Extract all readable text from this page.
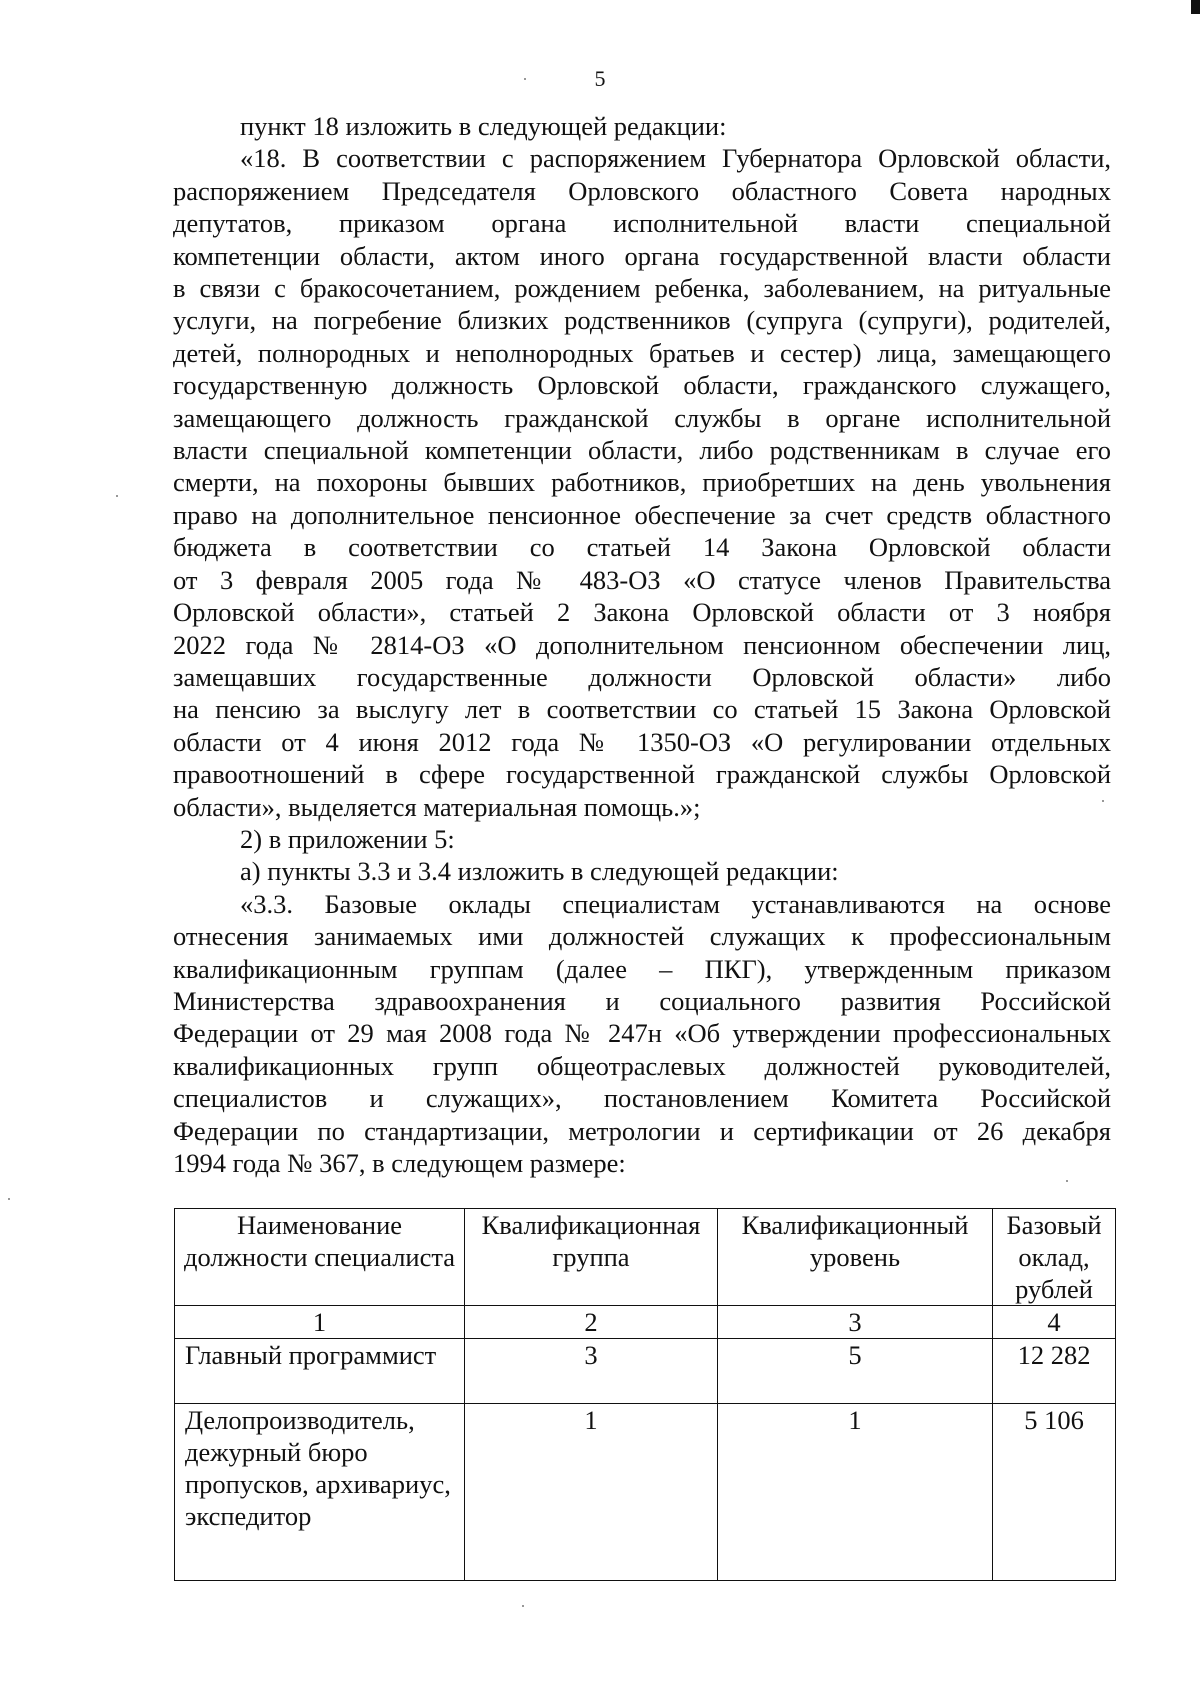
5
пункт 18 изложить в следующей редакции:
«18. В соответствии с распоряжением Губернатора Орловской области,
распоряжением Председателя Орловского областного Совета народных
депутатов, приказом органа исполнительной власти специальной
компетенции области, актом иного органа государственной власти области
в связи с бракосочетанием, рождением ребенка, заболеванием, на ритуальные
услуги, на погребение близких родственников (супруга (супруги), родителей,
детей, полнородных и неполнородных братьев и сестер) лица, замещающего
государственную должность Орловской области, гражданского служащего,
замещающего должность гражданской службы в органе исполнительной
власти специальной компетенции области, либо родственникам в случае его
смерти, на похороны бывших работников, приобретших на день увольнения
право на дополнительное пенсионное обеспечение за счет средств областного
бюджета в соответствии со статьей 14 Закона Орловской области
от 3 февраля 2005 года № 483-ОЗ «О статусе членов Правительства
Орловской области», статьей 2 Закона Орловской области от 3 ноября
2022 года № 2814-ОЗ «О дополнительном пенсионном обеспечении лиц,
замещавших государственные должности Орловской области» либо
на пенсию за выслугу лет в соответствии со статьей 15 Закона Орловской
области от 4 июня 2012 года № 1350-ОЗ «О регулировании отдельных
правоотношений в сфере государственной гражданской службы Орловской
области», выделяется материальная помощь.»;
2) в приложении 5:
а) пункты 3.3 и 3.4 изложить в следующей редакции:
«3.3. Базовые оклады специалистам устанавливаются на основе
отнесения занимаемых ими должностей служащих к профессиональным
квалификационным группам (далее – ПКГ), утвержденным приказом
Министерства здравоохранения и социального развития Российской
Федерации от 29 мая 2008 года № 247н «Об утверждении профессиональных
квалификационных групп общеотраслевых должностей руководителей,
специалистов и служащих», постановлением Комитета Российской
Федерации по стандартизации, метрологии и сертификации от 26 декабря
1994 года № 367, в следующем размере:
Наименование должности специалиста	Квалификационная группа	Квалификационный уровень	Базовый оклад, рублей
1	2	3	4
Главный программист	3	5	12 282
Делопроизводитель, дежурный бюро пропусков, архивариус, экспедитор	1	1	5 106
